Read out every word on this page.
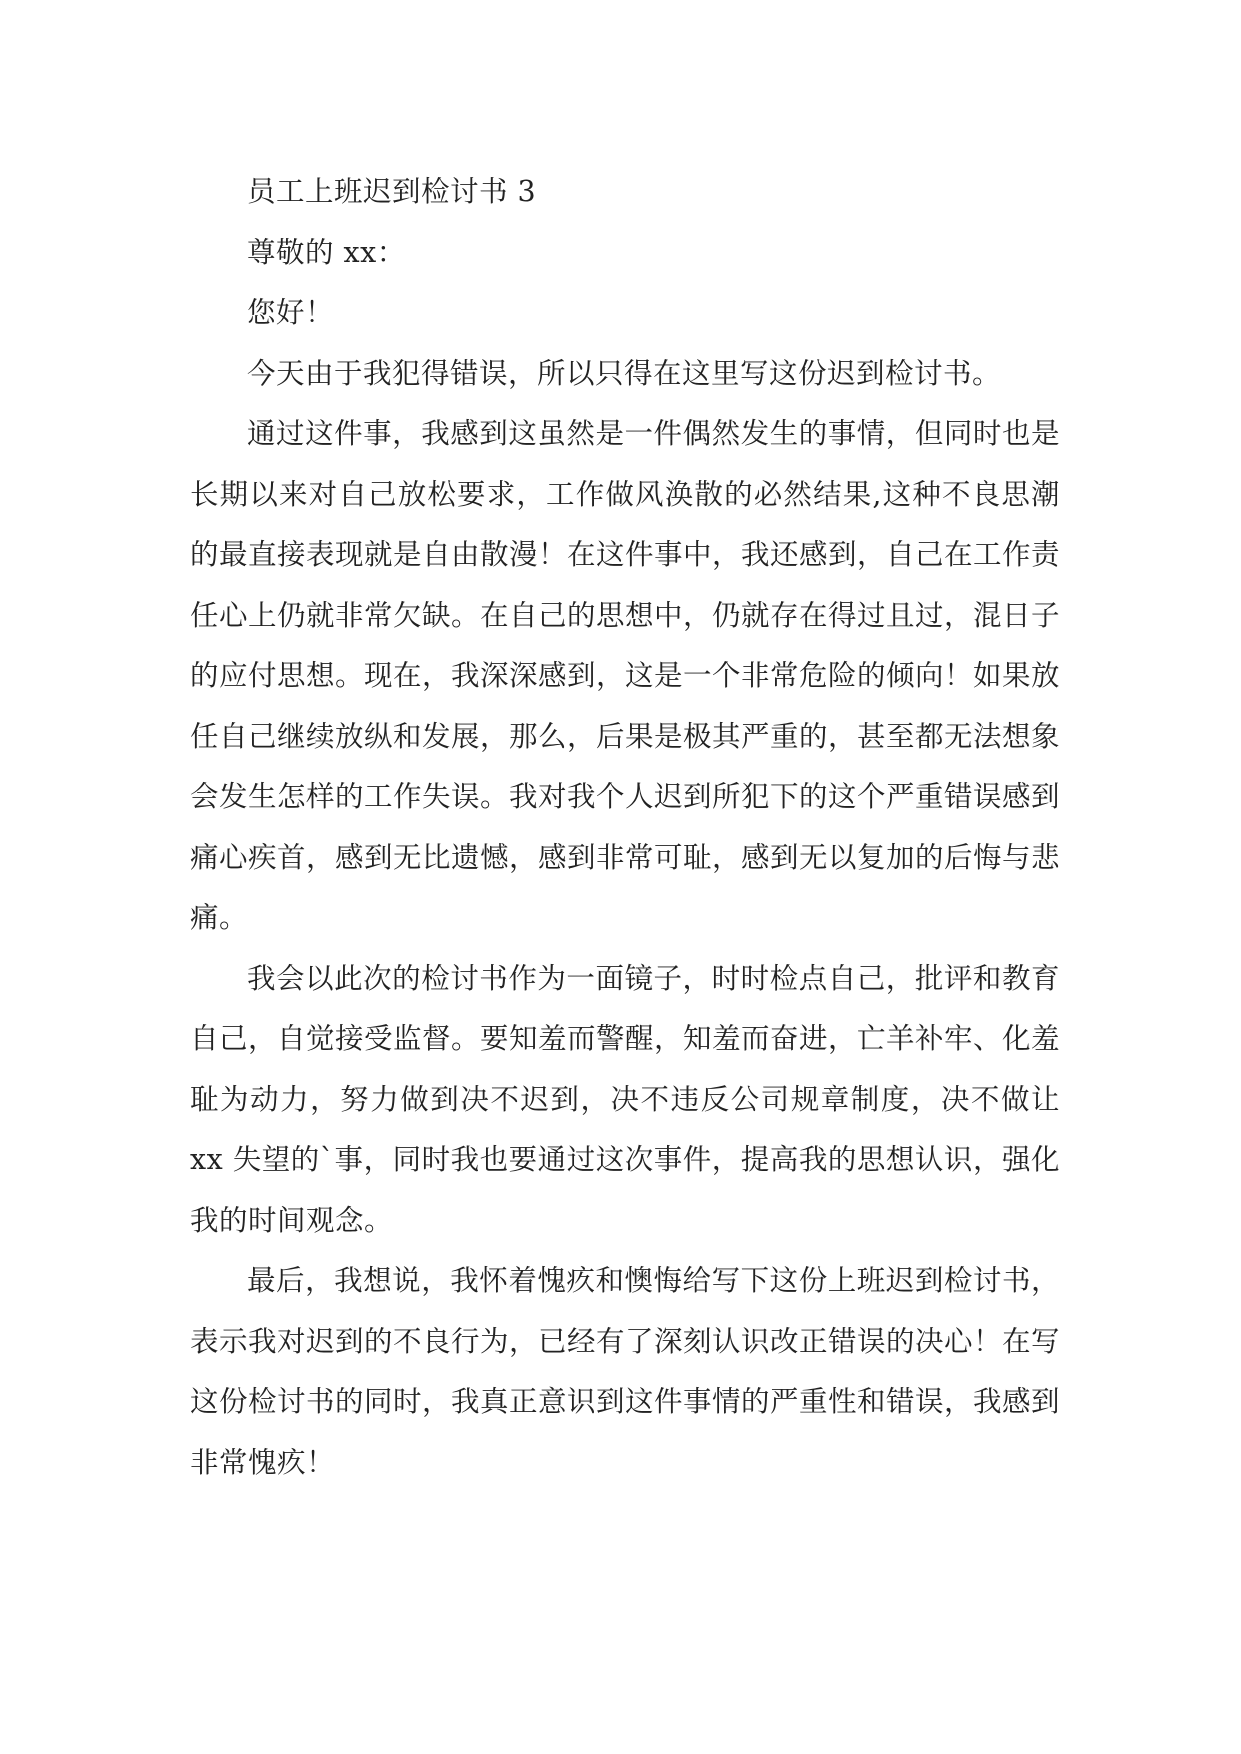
员工上班迟到检讨书 3

尊敬的 xx：

您好！

今天由于我犯得错误，所以只得在这里写这份迟到检讨书。

通过这件事，我感到这虽然是一件偶然发生的事情，但同时也是长期以来对自己放松要求，工作做风涣散的必然结果,这种不良思潮的最直接表现就是自由散漫！在这件事中，我还感到，自己在工作责任心上仍就非常欠缺。在自己的思想中，仍就存在得过且过，混日子的应付思想。现在，我深深感到，这是一个非常危险的倾向！如果放任自己继续放纵和发展，那么，后果是极其严重的，甚至都无法想象会发生怎样的工作失误。我对我个人迟到所犯下的这个严重错误感到痛心疾首，感到无比遗憾，感到非常可耻，感到无以复加的后悔与悲痛。

我会以此次的检讨书作为一面镜子，时时检点自己，批评和教育自己，自觉接受监督。要知羞而警醒，知羞而奋进，亡羊补牢、化羞耻为动力，努力做到决不迟到，决不违反公司规章制度，决不做让 xx 失望的`事，同时我也要通过这次事件，提高我的思想认识，强化我的时间观念。

最后，我想说，我怀着愧疚和懊悔给写下这份上班迟到检讨书，表示我对迟到的不良行为，已经有了深刻认识改正错误的决心！在写这份检讨书的同时，我真正意识到这件事情的严重性和错误，我感到非常愧疚！
